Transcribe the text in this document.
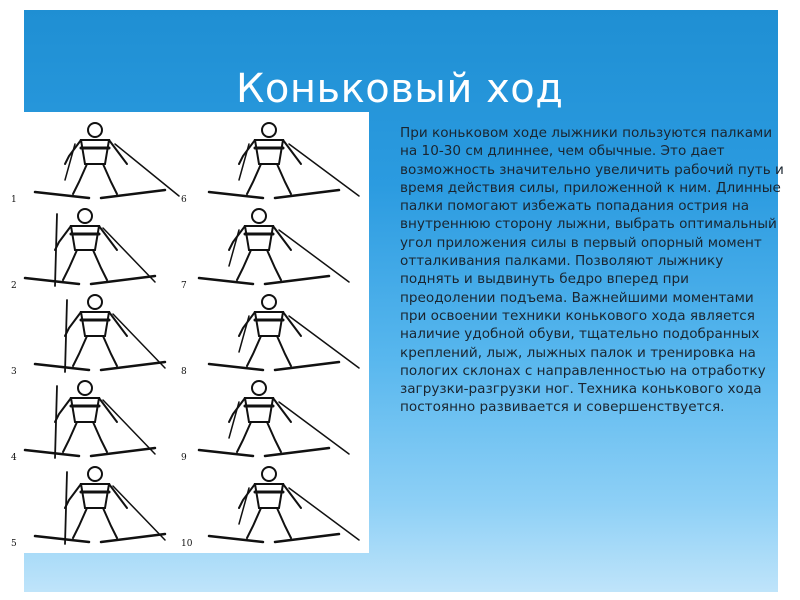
Коньковый ход
1
2
3
4
5
6
7
8
9
10
При коньковом ходе лыжники пользуются палками на 10-30 см длиннее, чем обычные. Это дает возможность значительно увеличить рабочий путь и время действия силы, приложенной к ним. Длинные палки помогают избежать попадания острия на внутреннюю сторону лыжни, выбрать оптимальный угол приложения силы в первый опорный момент отталкивания палками. Позволяют лыжнику поднять и выдвинуть бедро вперед при преодолении подъема. Важнейшими моментами при освоении техники конькового хода является наличие удобной обуви, тщательно подобранных креплений, лыж, лыжных палок и тренировка на пологих склонах с направленностью на отработку загрузки-разгрузки ног. Техника конькового хода постоянно развивается и совершенствуется.
